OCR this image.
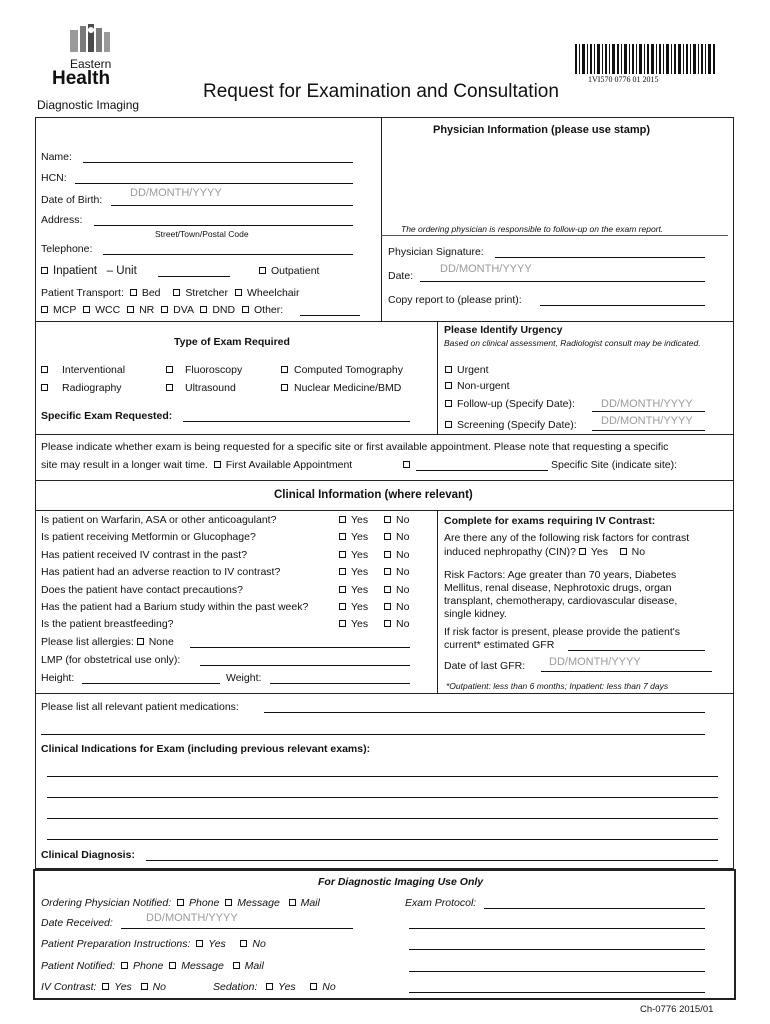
Eastern
Health
Diagnostic Imaging
Request for Examination and Consultation
1VI570 0776 01 2015
Name:
HCN:
Date of Birth:
DD/MONTH/YYYY
Address:
Street/Town/Postal Code
Telephone:
Inpatient – Unit	Outpatient
Patient Transport: Bed Stretcher Wheelchair
MCP WCC NR DVA DND Other:
Physician Information (please use stamp)
The ordering physician is responsible to follow-up on the exam report.
Physician Signature:
Date:
DD/MONTH/YYYY
Copy report to (please print):
Type of Exam Required
Interventional	Fluoroscopy	Computed Tomography
Radiography	Ultrasound	Nuclear Medicine/BMD
Specific Exam Requested:
Please Identify Urgency
Based on clinical assessment, Radiologist consult may be indicated.
Urgent
Non-urgent
Follow-up (Specify Date): DD/MONTH/YYYY
Screening (Specify Date): DD/MONTH/YYYY
Please indicate whether exam is being requested for a specific site or first available appointment. Please note that requesting a specific
site may result in a longer wait time. First Available Appointment	Specific Site (indicate site):
Clinical Information (where relevant)
Is patient on Warfarin, ASA or other anticoagulant?	Yes	No
Is patient receiving Metformin or Glucophage?	Yes	No
Has patient received IV contrast in the past?	Yes	No
Has patient had an adverse reaction to IV contrast?	Yes	No
Does the patient have contact precautions?	Yes	No
Has the patient had a Barium study within the past week?	Yes	No
Is the patient breastfeeding?	Yes	No
Please list allergies: None
LMP (for obstetrical use only):
Height:	Weight:
Complete for exams requiring IV Contrast:
Are there any of the following risk factors for contrast
induced nephropathy (CIN)? Yes No
Risk Factors: Age greater than 70 years, Diabetes
Mellitus, renal disease, Nephrotoxic drugs, organ
transplant, chemotherapy, cardiovascular disease,
single kidney.
If risk factor is present, please provide the patient's
current* estimated GFR
Date of last GFR: DD/MONTH/YYYY
*Outpatient: less than 6 months; Inpatient: less than 7 days
Please list all relevant patient medications:
Clinical Indications for Exam (including previous relevant exams):
Clinical Diagnosis:
For Diagnostic Imaging Use Only
Ordering Physician Notified: Phone Message Mail	Exam Protocol:
Date Received:	DD/MONTH/YYYY
Patient Preparation Instructions: Yes	No
Patient Notified: Phone Message Mail
IV Contrast: Yes No	Sedation: Yes	No
Ch-0776 2015/01
